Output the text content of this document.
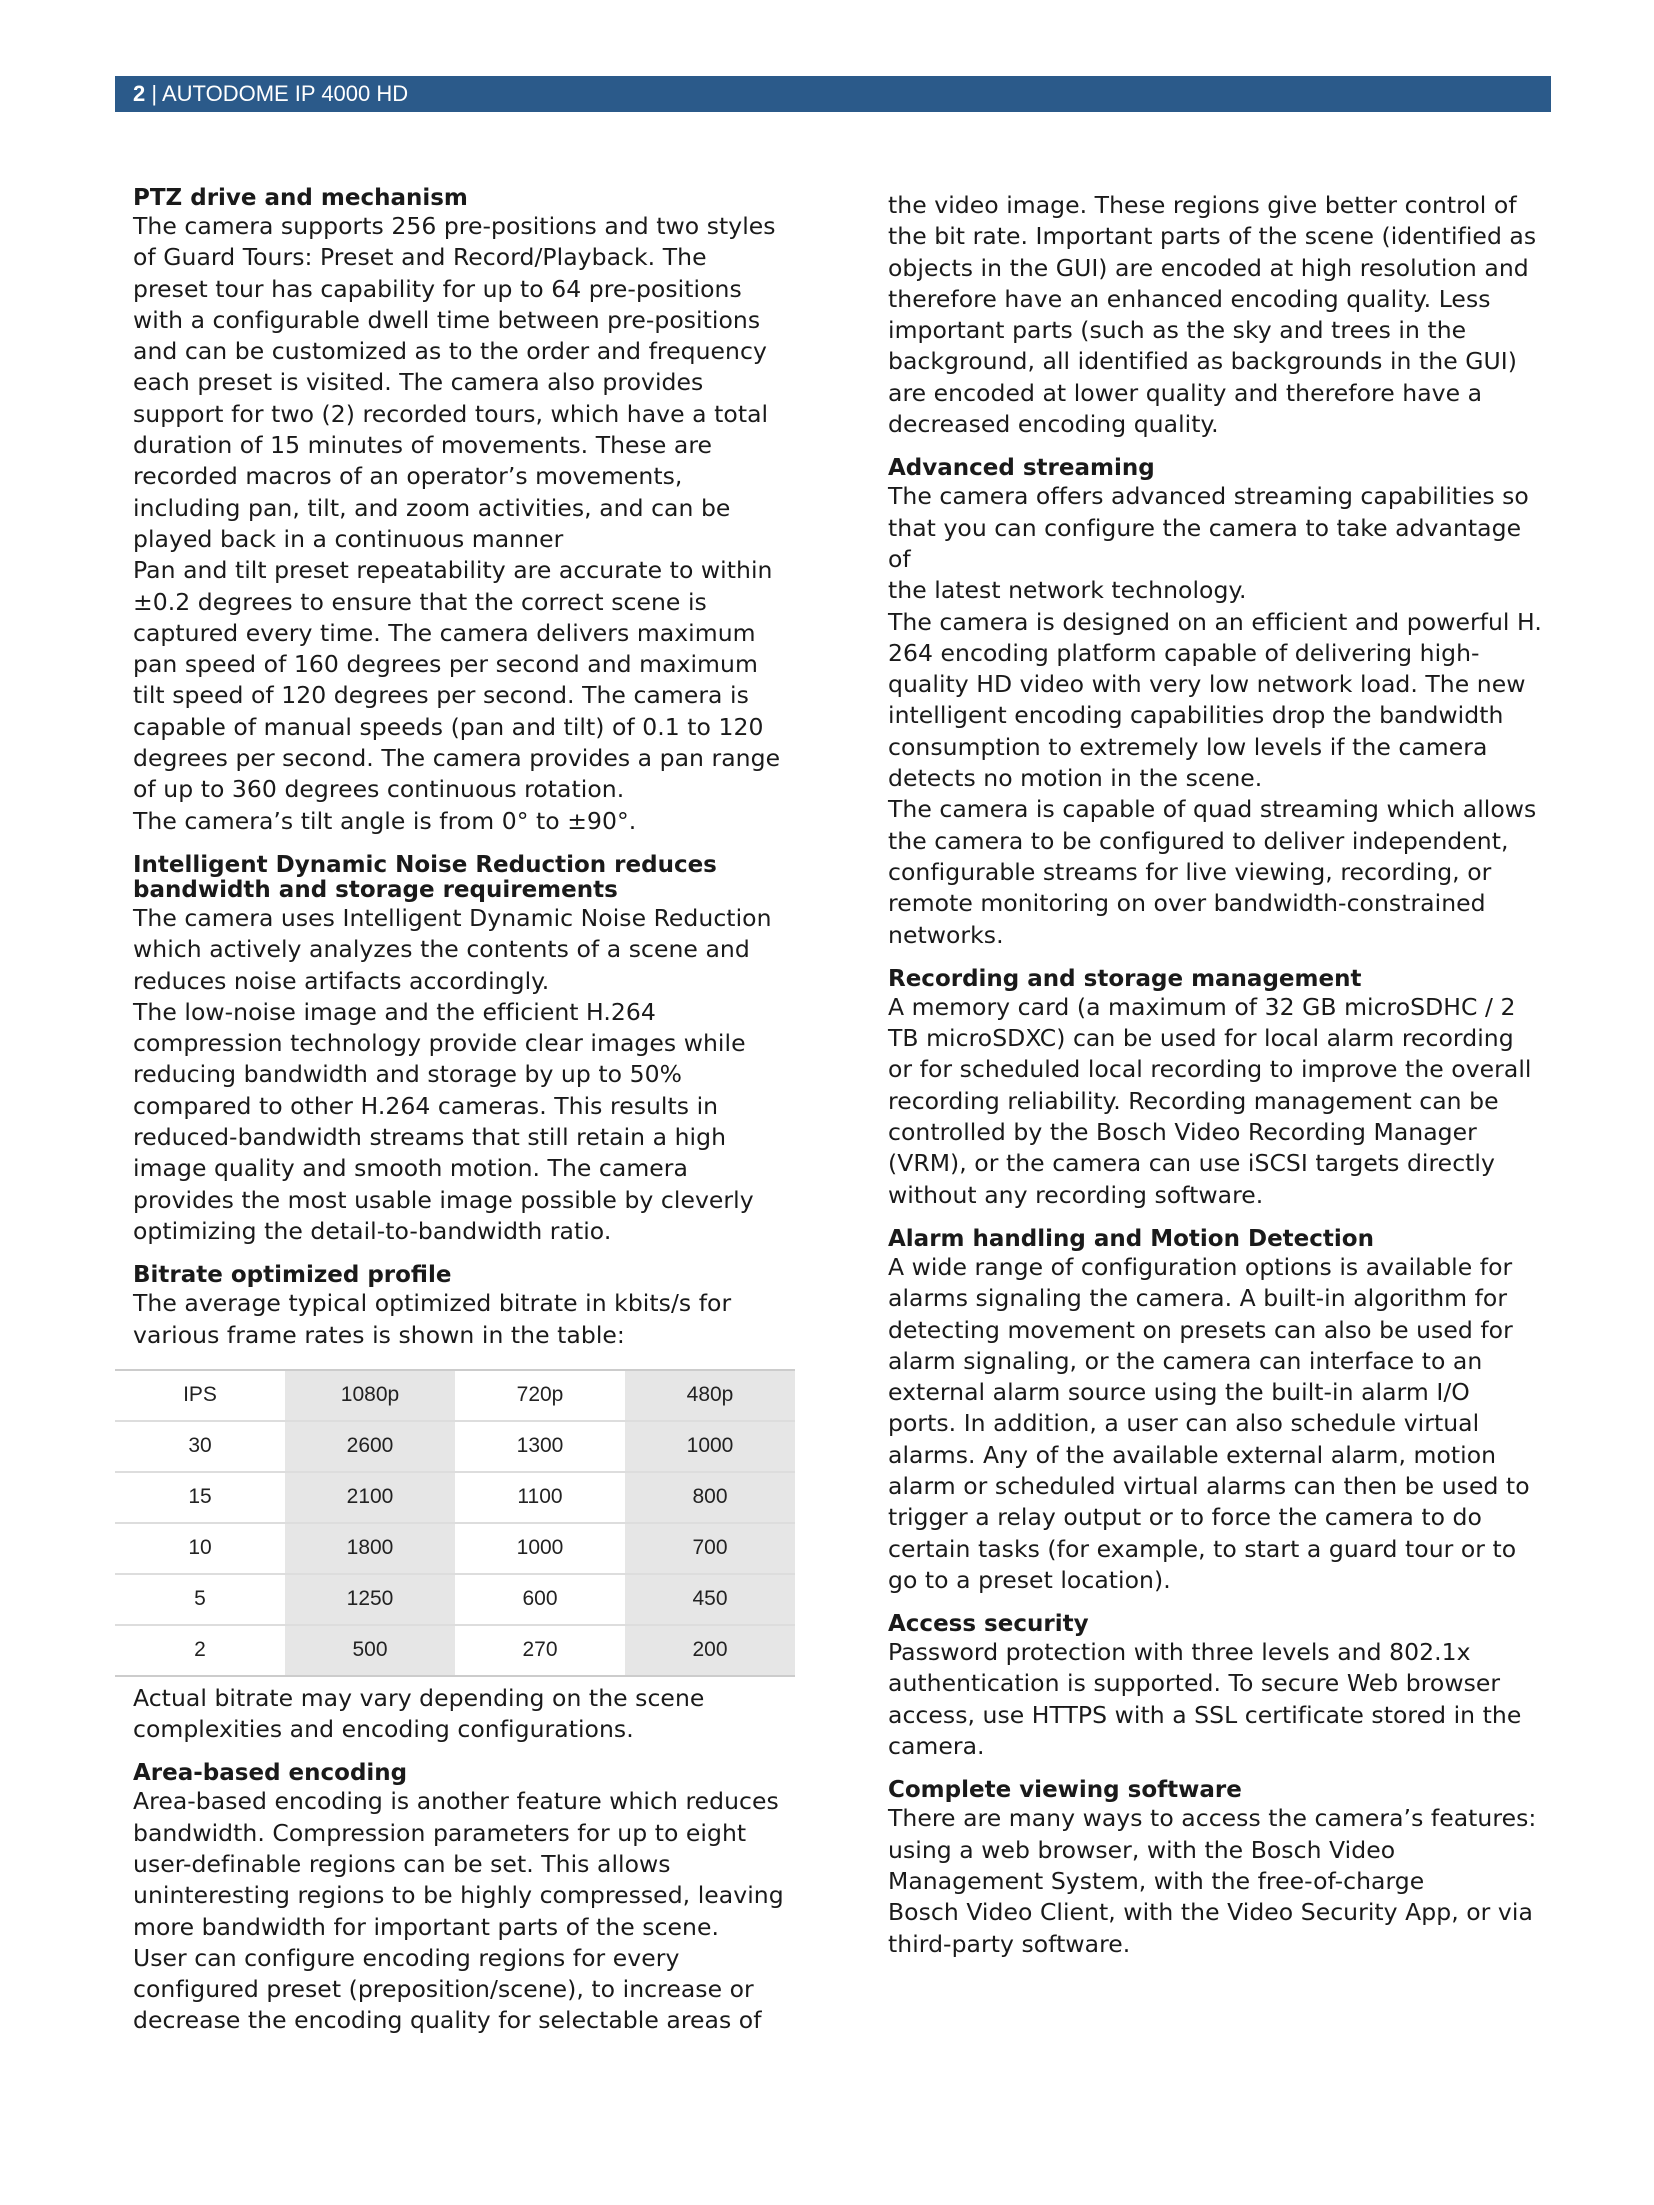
2 | AUTODOME IP 4000 HD
PTZ drive and mechanism

The camera supports 256 pre-positions and two styles

of Guard Tours: Preset and Record/Playback. The

preset tour has capability for up to 64 pre-positions

with a configurable dwell time between pre-positions

and can be customized as to the order and frequency

each preset is visited. The camera also provides

support for two (2) recorded tours, which have a total

duration of 15 minutes of movements. These are

recorded macros of an operator’s movements,

including pan, tilt, and zoom activities, and can be

played back in a continuous manner

Pan and tilt preset repeatability are accurate to within

±0.2 degrees to ensure that the correct scene is

captured every time. The camera delivers maximum

pan speed of 160 degrees per second and maximum

tilt speed of 120 degrees per second. The camera is

capable of manual speeds (pan and tilt) of 0.1 to 120

degrees per second. The camera provides a pan range

of up to 360 degrees continuous rotation.

The camera’s tilt angle is from 0° to ±90°.

Intelligent Dynamic Noise Reduction reduces
bandwidth and storage requirements

The camera uses Intelligent Dynamic Noise Reduction

which actively analyzes the contents of a scene and

reduces noise artifacts accordingly.

The low-noise image and the efficient H.264

compression technology provide clear images while

reducing bandwidth and storage by up to 50%

compared to other H.264 cameras. This results in

reduced-bandwidth streams that still retain a high

image quality and smooth motion. The camera

provides the most usable image possible by cleverly

optimizing the detail-to-bandwidth ratio.

Bitrate optimized profile

The average typical optimized bitrate in kbits/s for

various frame rates is shown in the table:

IPS	1080p	720p	480p
30	2600	1300	1000
15	2100	1100	800
10	1800	1000	700
5	1250	600	450
2	500	270	200

Actual bitrate may vary depending on the scene

complexities and encoding configurations.

Area-based encoding

Area-based encoding is another feature which reduces

bandwidth. Compression parameters for up to eight

user-definable regions can be set. This allows

uninteresting regions to be highly compressed, leaving

more bandwidth for important parts of the scene.

User can configure encoding regions for every

configured preset (preposition/scene), to increase or

decrease the encoding quality for selectable areas of

the video image. These regions give better control of

the bit rate. Important parts of the scene (identified as

objects in the GUI) are encoded at high resolution and

therefore have an enhanced encoding quality. Less

important parts (such as the sky and trees in the

background, all identified as backgrounds in the GUI)

are encoded at lower quality and therefore have a

decreased encoding quality.

Advanced streaming

The camera offers advanced streaming capabilities so

that you can configure the camera to take advantage of

the latest network technology.

The camera is designed on an efficient and powerful H.

264 encoding platform capable of delivering high-

quality HD video with very low network load. The new

intelligent encoding capabilities drop the bandwidth

consumption to extremely low levels if the camera

detects no motion in the scene.

The camera is capable of quad streaming which allows

the camera to be configured to deliver independent,

configurable streams for live viewing, recording, or

remote monitoring on over bandwidth-constrained

networks.

Recording and storage management

A memory card (a maximum of 32 GB microSDHC / 2

TB microSDXC) can be used for local alarm recording

or for scheduled local recording to improve the overall

recording reliability. Recording management can be

controlled by the Bosch Video Recording Manager

(VRM), or the camera can use iSCSI targets directly

without any recording software.

Alarm handling and Motion Detection

A wide range of configuration options is available for

alarms signaling the camera. A built-in algorithm for

detecting movement on presets can also be used for

alarm signaling, or the camera can interface to an

external alarm source using the built-in alarm I/O

ports. In addition, a user can also schedule virtual

alarms. Any of the available external alarm, motion

alarm or scheduled virtual alarms can then be used to

trigger a relay output or to force the camera to do

certain tasks (for example, to start a guard tour or to

go to a preset location).

Access security

Password protection with three levels and 802.1x

authentication is supported. To secure Web browser

access, use HTTPS with a SSL certificate stored in the

camera.

Complete viewing software

There are many ways to access the camera’s features:

using a web browser, with the Bosch Video

Management System, with the free-of-charge

Bosch Video Client, with the Video Security App, or via

third-party software.
